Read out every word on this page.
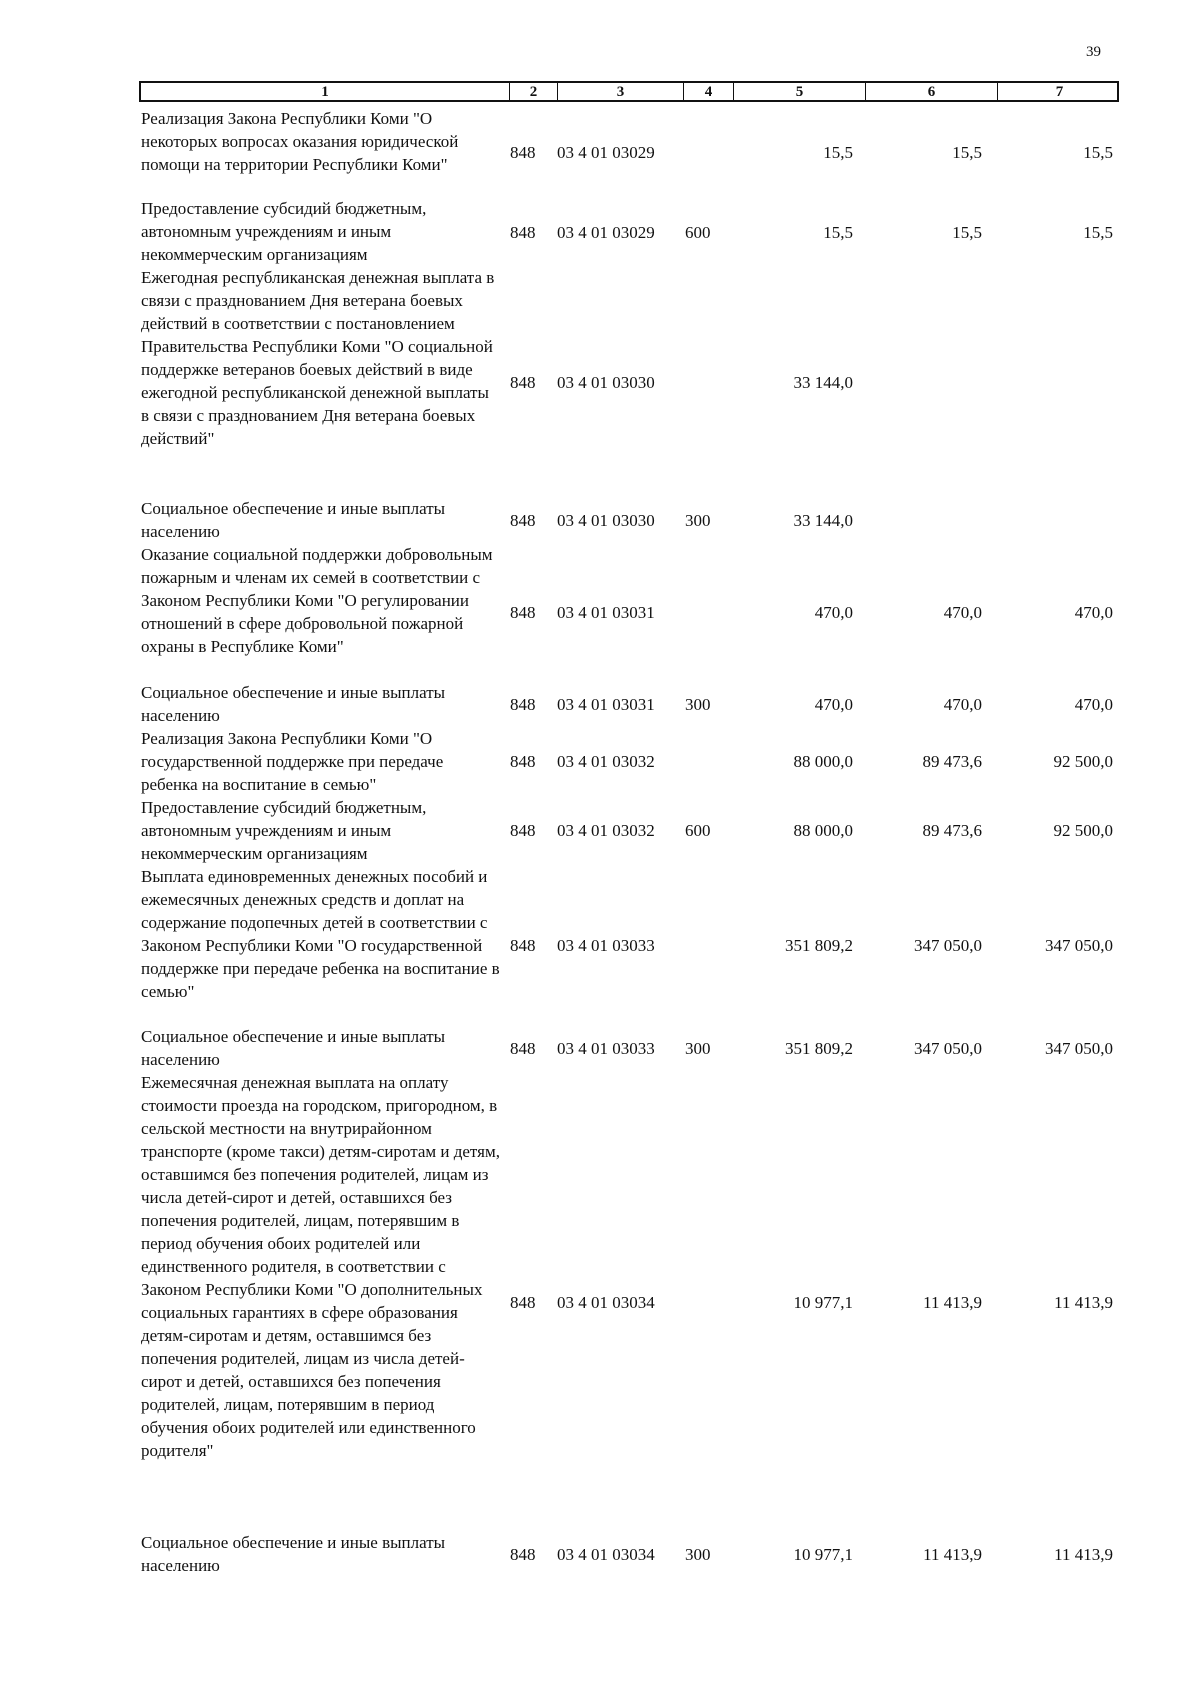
39
1	2	3	4	5	6	7
Реализация Закона Республики Коми "О некоторых вопросах оказания юридической помощи на территории Республики Коми"
848 03 4 01 03029	15,5	15,5	15,5
Предоставление субсидий бюджетным, автономным учреждениям и иным некоммерческим организациям
848 03 4 01 03029 600	15,5	15,5	15,5
Ежегодная республиканская денежная выплата в связи с празднованием Дня ветерана боевых действий в соответствии с постановлением Правительства Республики Коми "О социальной поддержке ветеранов боевых действий в виде ежегодной республиканской денежной выплаты в связи с празднованием Дня ветерана боевых действий"
848 03 4 01 03030	33 144,0
Социальное обеспечение и иные выплаты населению
848 03 4 01 03030 300	33 144,0
Оказание социальной поддержки добровольным пожарным и членам их семей в соответствии с Законом Республики Коми "О регулировании отношений в сфере добровольной пожарной охраны в Республике Коми"
848 03 4 01 03031	470,0	470,0	470,0
Социальное обеспечение и иные выплаты населению
848 03 4 01 03031 300	470,0	470,0	470,0
Реализация Закона Республики Коми "О государственной поддержке при передаче ребенка на воспитание в семью"
848 03 4 01 03032	88 000,0	89 473,6	92 500,0
Предоставление субсидий бюджетным, автономным учреждениям и иным некоммерческим организациям
848 03 4 01 03032 600	88 000,0	89 473,6	92 500,0
Выплата единовременных денежных пособий и ежемесячных денежных средств и доплат на содержание подопечных детей в соответствии с Законом Республики Коми "О государственной поддержке при передаче ребенка на воспитание в семью"
848 03 4 01 03033	351 809,2	347 050,0	347 050,0
Социальное обеспечение и иные выплаты населению
848 03 4 01 03033 300	351 809,2	347 050,0	347 050,0
Ежемесячная денежная выплата на оплату стоимости проезда на городском, пригородном, в сельской местности на внутрирайонном транспорте (кроме такси) детям-сиротам и детям, оставшимся без попечения родителей, лицам из числа детей-сирот и детей, оставшихся без попечения родителей, лицам, потерявшим в период обучения обоих родителей или единственного родителя, в соответствии с Законом Республики Коми "О дополнительных социальных гарантиях в сфере образования детям-сиротам и детям, оставшимся без попечения родителей, лицам из числа детей-сирот и детей, оставшихся без попечения родителей, лицам, потерявшим в период обучения обоих родителей или единственного родителя"
848 03 4 01 03034	10 977,1	11 413,9	11 413,9
Социальное обеспечение и иные выплаты населению
848 03 4 01 03034 300	10 977,1	11 413,9	11 413,9
